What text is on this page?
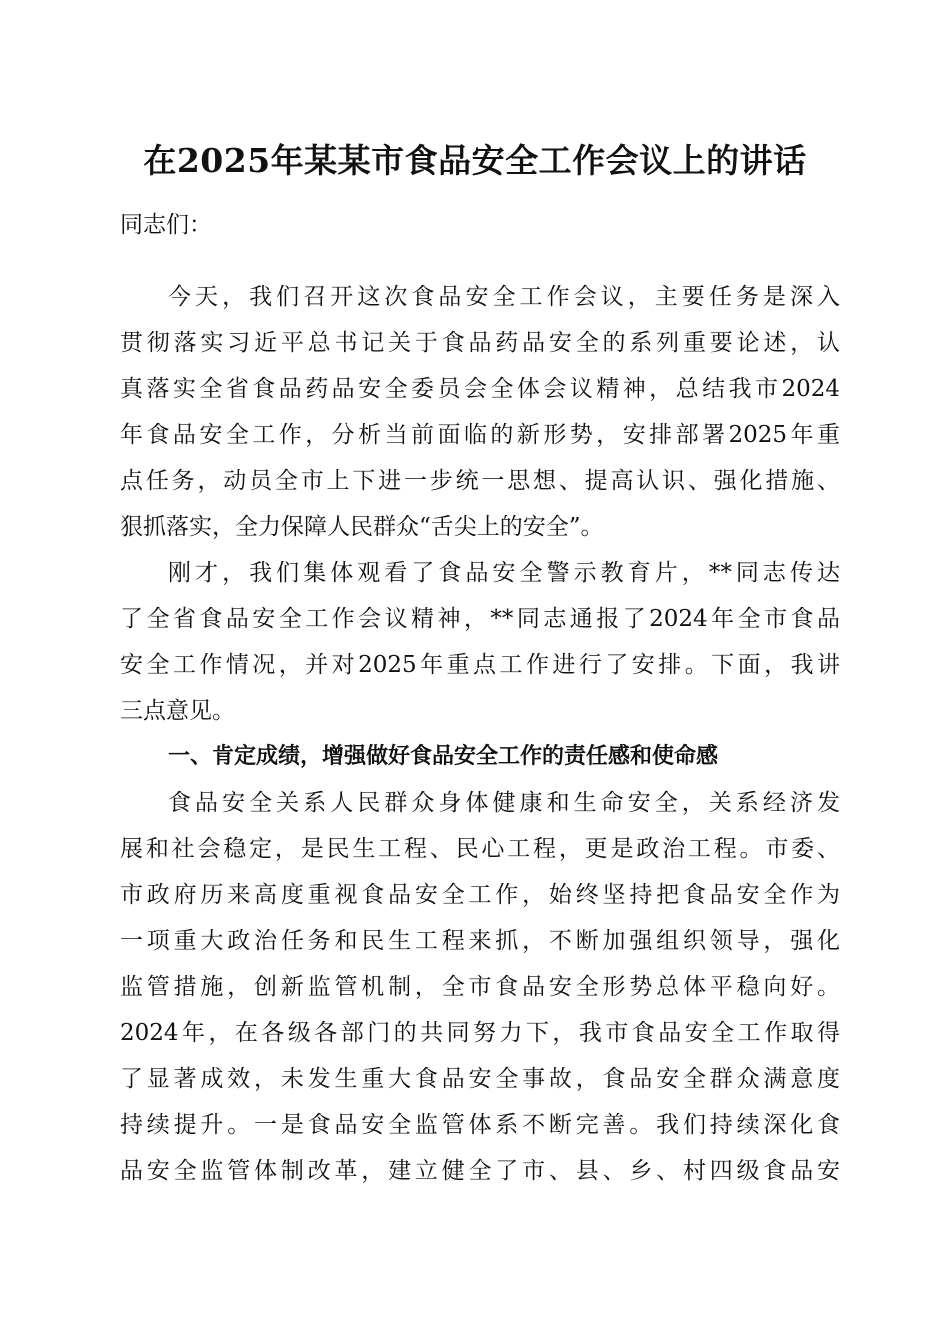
在2025年某某市食品安全工作会议上的讲话
同志们：
今天，我们召开这次食品安全工作会议，主要任务是深入
贯彻落实习近平总书记关于食品药品安全的系列重要论述，认
真落实全省食品药品安全委员会全体会议精神，总结我市2024
年食品安全工作，分析当前面临的新形势，安排部署2025年重
点任务，动员全市上下进一步统一思想、提高认识、强化措施、
狠抓落实，全力保障人民群众“舌尖上的安全”。
刚才，我们集体观看了食品安全警示教育片，**同志传达
了全省食品安全工作会议精神，**同志通报了2024年全市食品
安全工作情况，并对2025年重点工作进行了安排。下面，我讲
三点意见。
一、肯定成绩，增强做好食品安全工作的责任感和使命感
食品安全关系人民群众身体健康和生命安全，关系经济发
展和社会稳定，是民生工程、民心工程，更是政治工程。市委、
市政府历来高度重视食品安全工作，始终坚持把食品安全作为
一项重大政治任务和民生工程来抓，不断加强组织领导，强化
监管措施，创新监管机制，全市食品安全形势总体平稳向好。
2024年，在各级各部门的共同努力下，我市食品安全工作取得
了显著成效，未发生重大食品安全事故，食品安全群众满意度
持续提升。一是食品安全监管体系不断完善。我们持续深化食
品安全监管体制改革，建立健全了市、县、乡、村四级食品安
